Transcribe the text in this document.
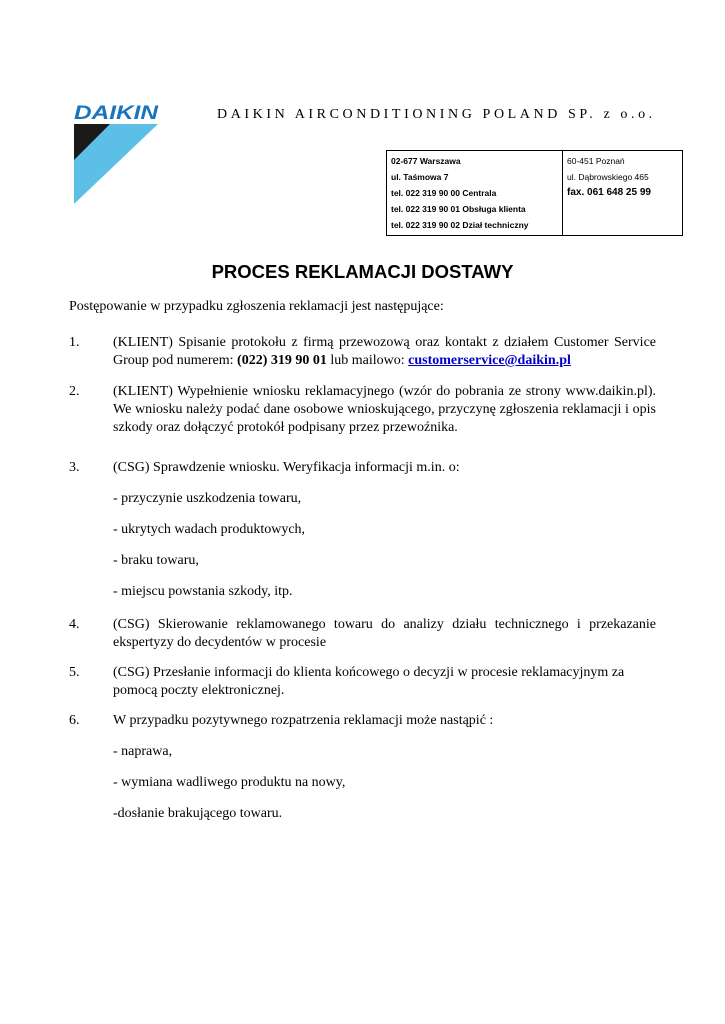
DAIKIN	DAIKIN AIRCONDITIONING POLAND SP. z o.o.
02-677 Warszawa
ul. Taśmowa 7
tel. 022 319 90 00 Centrala
tel. 022 319 90 01 Obsługa klienta
tel. 022 319 90 02 Dział techniczny

60-451 Poznań
ul. Dąbrowskiego 465
fax. 061 648 25 99
PROCES REKLAMACJI DOSTAWY
Postępowanie w przypadku zgłoszenia reklamacji jest następujące:
1. (KLIENT) Spisanie protokołu z firmą przewozową oraz kontakt z działem Customer Service Group pod numerem: (022) 319 90 01 lub mailowo: customerservice@daikin.pl
2. (KLIENT) Wypełnienie wniosku reklamacyjnego (wzór do pobrania ze strony www.daikin.pl). We wniosku należy podać dane osobowe wnioskującego, przyczynę zgłoszenia reklamacji i opis szkody oraz dołączyć protokół podpisany przez przewoźnika.
3. (CSG) Sprawdzenie wniosku. Weryfikacja informacji m.in. o:
- przyczynie uszkodzenia towaru,
- ukrytych wadach produktowych,
- braku towaru,
- miejscu powstania szkody, itp.
4. (CSG) Skierowanie reklamowanego towaru do analizy działu technicznego i przekazanie ekspertyzy do decydentów w procesie
5. (CSG) Przesłanie informacji do klienta końcowego o decyzji w procesie reklamacyjnym za pomocą poczty elektronicznej.
6. W przypadku pozytywnego rozpatrzenia reklamacji może nastąpić :
- naprawa,
- wymiana wadliwego produktu na nowy,
-dosłanie brakującego towaru.
